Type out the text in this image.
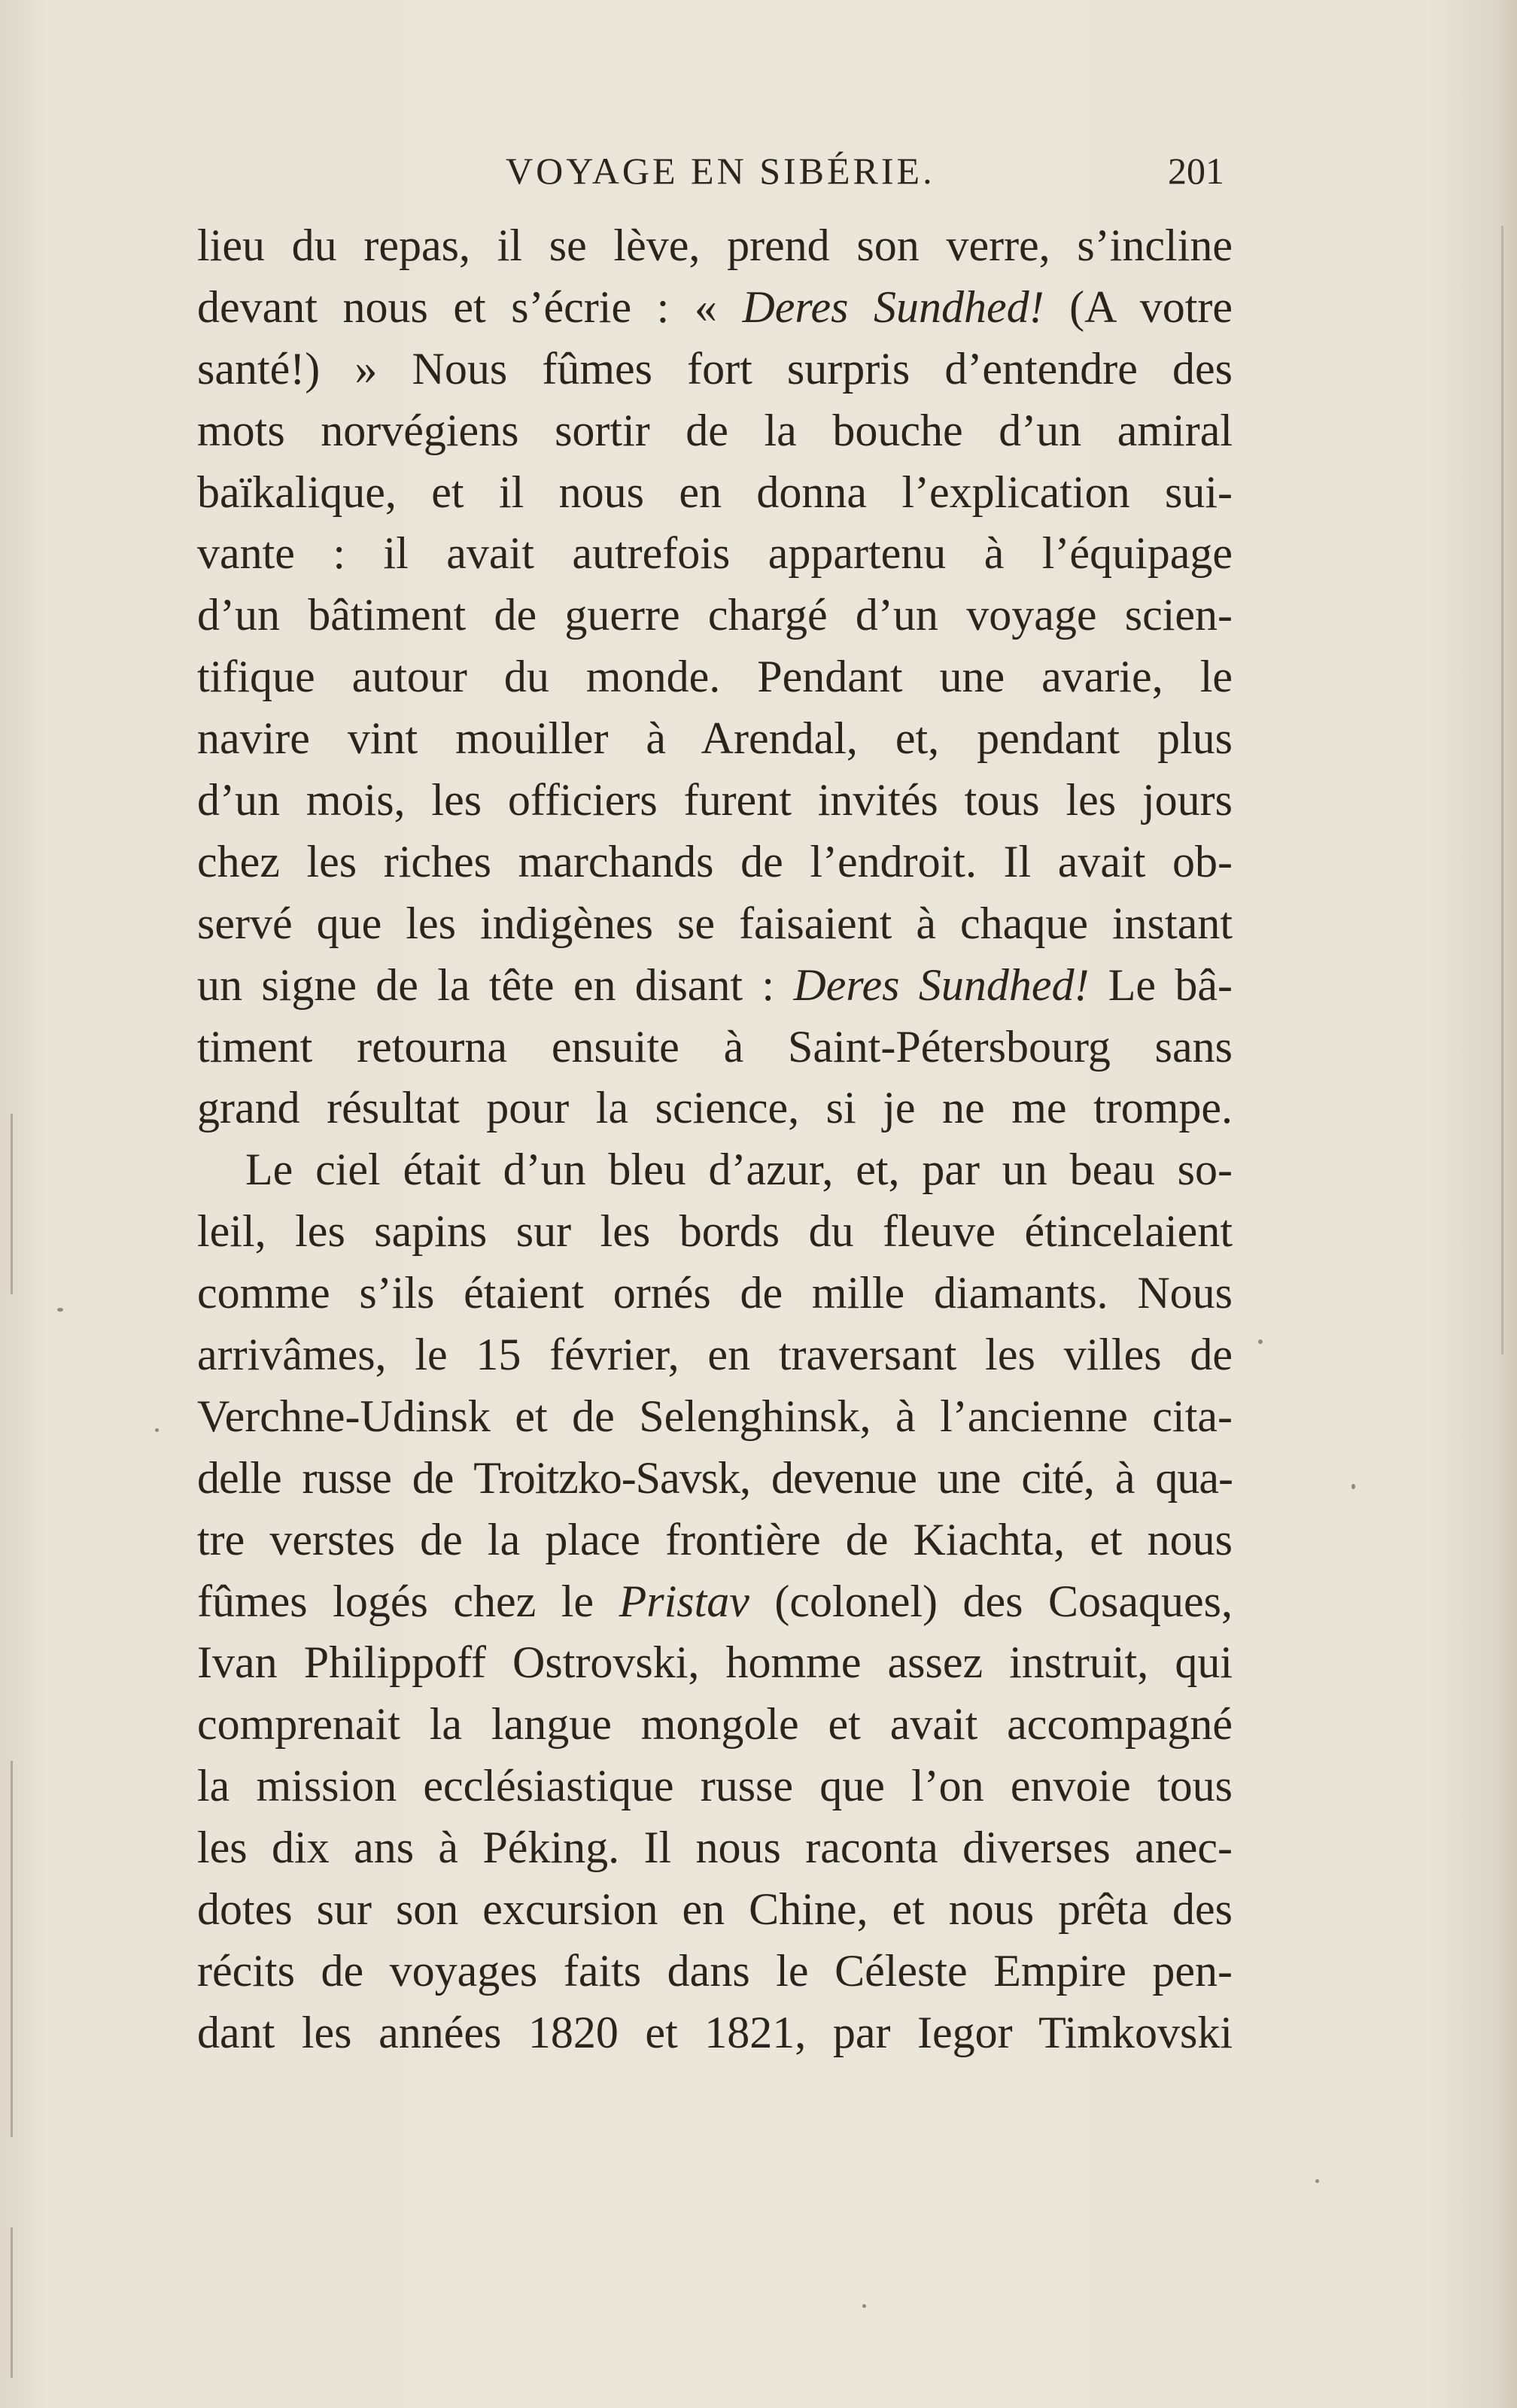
VOYAGE EN SIBÉRIE.	201
lieu du repas, il se lève, prend son verre, s’incline
devant nous et s’écrie : « Deres Sundhed! (A votre
santé!) » Nous fûmes fort surpris d’entendre des
mots norvégiens sortir de la bouche d’un amiral
baïkalique, et il nous en donna l’explication sui-
vante : il avait autrefois appartenu à l’équipage
d’un bâtiment de guerre chargé d’un voyage scien-
tifique autour du monde. Pendant une avarie, le
navire vint mouiller à Arendal, et, pendant plus
d’un mois, les officiers furent invités tous les jours
chez les riches marchands de l’endroit. Il avait ob-
servé que les indigènes se faisaient à chaque instant
un signe de la tête en disant : Deres Sundhed! Le bâ-
timent retourna ensuite à Saint-Pétersbourg sans
grand résultat pour la science, si je ne me trompe.
Le ciel était d’un bleu d’azur, et, par un beau so-
leil, les sapins sur les bords du fleuve étincelaient
comme s’ils étaient ornés de mille diamants. Nous
arrivâmes, le 15 février, en traversant les villes de
Verchne-Udinsk et de Selenghinsk, à l’ancienne cita-
delle russe de Troitzko-Savsk, devenue une cité, à qua-
tre verstes de la place frontière de Kiachta, et nous
fûmes logés chez le Pristav (colonel) des Cosaques,
Ivan Philippoff Ostrovski, homme assez instruit, qui
comprenait la langue mongole et avait accompagné
la mission ecclésiastique russe que l’on envoie tous
les dix ans à Péking. Il nous raconta diverses anec-
dotes sur son excursion en Chine, et nous prêta des
récits de voyages faits dans le Céleste Empire pen-
dant les années 1820 et 1821, par Iegor Timkovski
